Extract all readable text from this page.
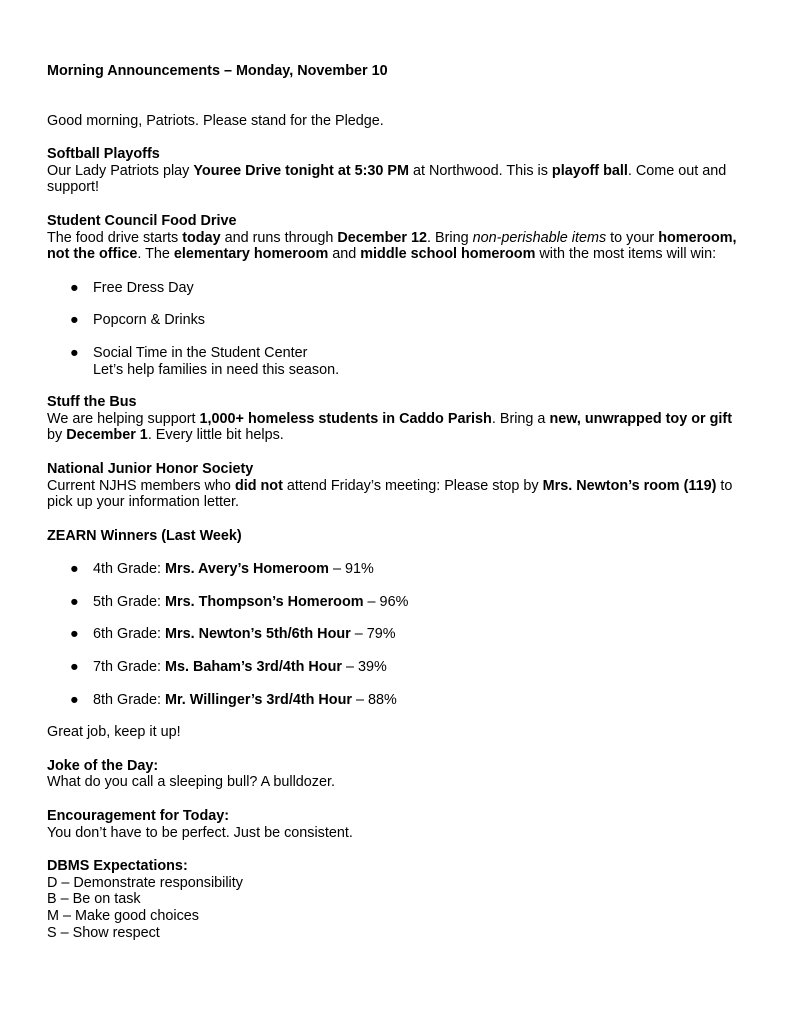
Morning Announcements – Monday, November 10
Good morning, Patriots. Please stand for the Pledge.
Softball Playoffs
Our Lady Patriots play Youree Drive tonight at 5:30 PM at Northwood. This is playoff ball. Come out and support!
Student Council Food Drive
The food drive starts today and runs through December 12. Bring non-perishable items to your homeroom, not the office. The elementary homeroom and middle school homeroom with the most items will win:
● Free Dress Day
● Popcorn & Drinks
● Social Time in the Student Center
Let’s help families in need this season.
Stuff the Bus
We are helping support 1,000+ homeless students in Caddo Parish. Bring a new, unwrapped toy or gift by December 1. Every little bit helps.
National Junior Honor Society
Current NJHS members who did not attend Friday’s meeting: Please stop by Mrs. Newton’s room (119) to pick up your information letter.
ZEARN Winners (Last Week)
● 4th Grade: Mrs. Avery’s Homeroom – 91%
● 5th Grade: Mrs. Thompson’s Homeroom – 96%
● 6th Grade: Mrs. Newton’s 5th/6th Hour – 79%
● 7th Grade: Ms. Baham’s 3rd/4th Hour – 39%
● 8th Grade: Mr. Willinger’s 3rd/4th Hour – 88%
Great job, keep it up!
Joke of the Day:
What do you call a sleeping bull? A bulldozer.
Encouragement for Today:
You don’t have to be perfect. Just be consistent.
DBMS Expectations:
D – Demonstrate responsibility
B – Be on task
M – Make good choices
S – Show respect
